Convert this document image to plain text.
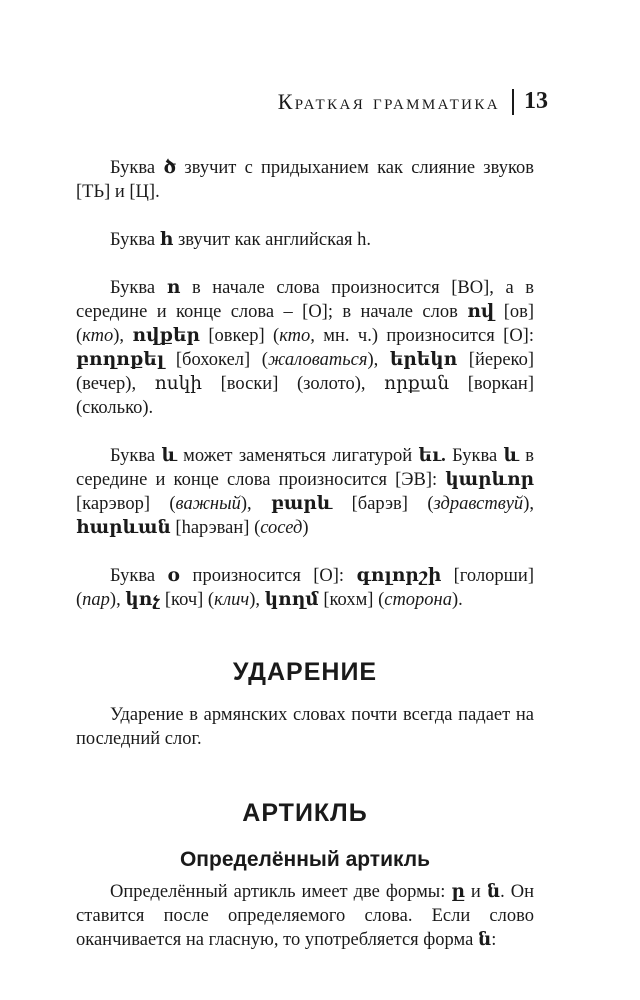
Краткая грамматика 13

Буква ծ звучит с придыханием как слияние звуков [ТЬ] и [Ц].

Буква հ звучит как английская h.

Буква ո в начале слова произносится [ВО], а в середине и конце слова – [О]; в начале слов ով [ов] (кто), ովքեր [овкер] (кто, мн. ч.) произносится [О]: բողոքել [бохокел] (жаловаться), երեկո [йереко] (вечер), ոսկի [воски] (золото), որքան [воркан] (сколько).

Буква և может заменяться лигатурой եւ. Буква և в середине и конце слова произносится [ЭВ]: կարևոր [карэвор] (важный), բարև [барэв] (здравствуй), հարևան [hарэван] (сосед)

Буква օ произносится [О]: գոլորշի [голорши] (пар), կոչ [коч] (клич), կողմ [кохм] (сторона).

УДАРЕНИЕ

Ударение в армянских словах почти всегда падает на последний слог.

АРТИКЛЬ
Определённый артикль

Определённый артикль имеет две формы: ը и ն. Он ставится после определяемого слова. Если слово оканчивается на гласную, то употребляется форма ն:
